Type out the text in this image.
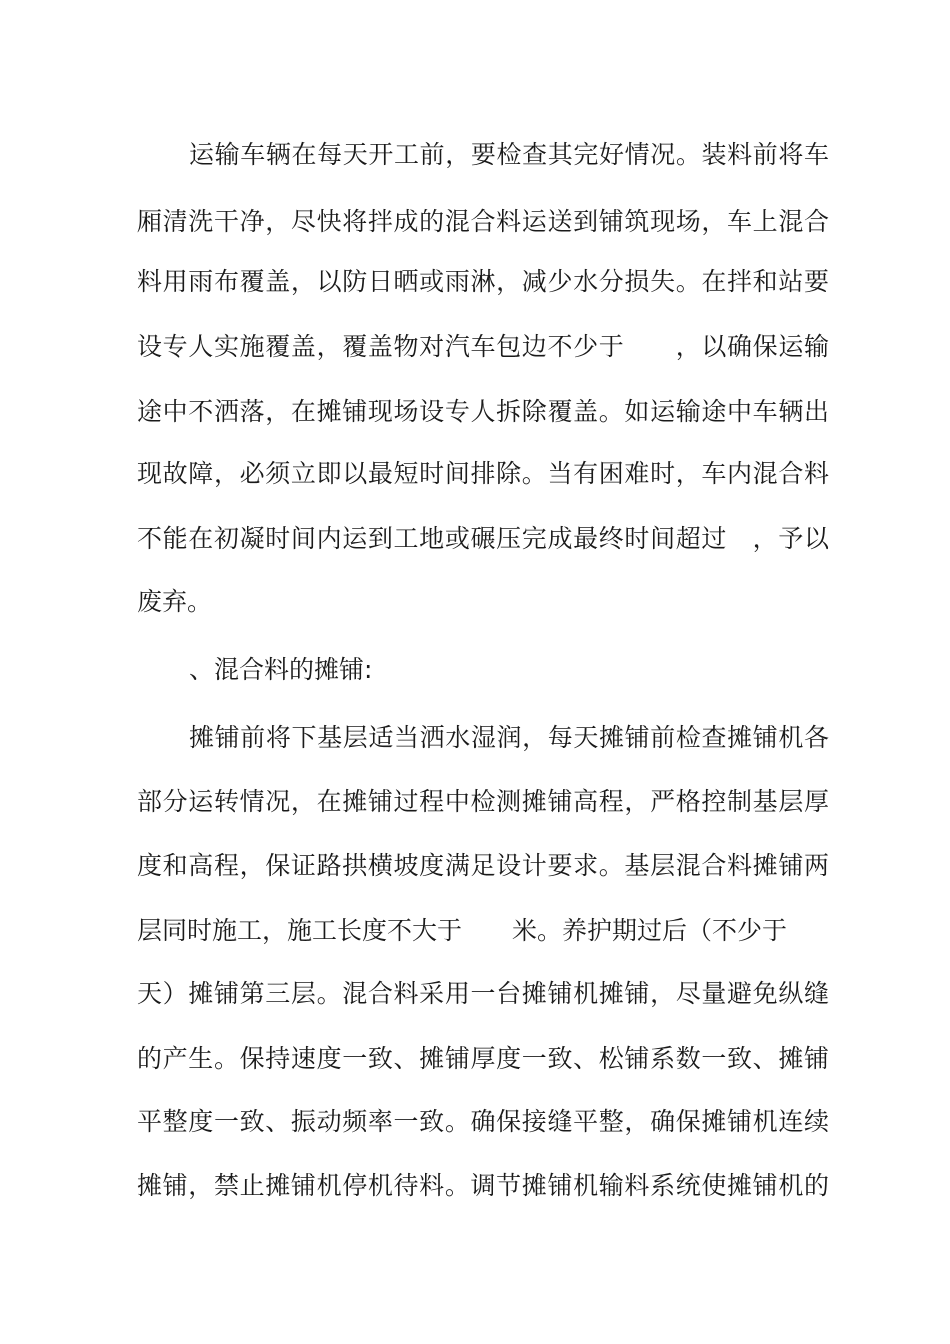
运输车辆在每天开工前，要检查其完好情况。装料前将车
厢清洗干净，尽快将拌成的混合料运送到铺筑现场，车上混合
料用雨布覆盖，以防日晒或雨淋，减少水分损失。在拌和站要
设专人实施覆盖，覆盖物对汽车包边不少于　　，以确保运输
途中不洒落，在摊铺现场设专人拆除覆盖。如运输途中车辆出
现故障，必须立即以最短时间排除。当有困难时，车内混合料
不能在初凝时间内运到工地或碾压完成最终时间超过　，予以
废弃。
、混合料的摊铺:
摊铺前将下基层适当洒水湿润，每天摊铺前检查摊铺机各
部分运转情况，在摊铺过程中检测摊铺高程，严格控制基层厚
度和高程，保证路拱横坡度满足设计要求。基层混合料摊铺两
层同时施工，施工长度不大于　　米。养护期过后（不少于
天）摊铺第三层。混合料采用一台摊铺机摊铺，尽量避免纵缝
的产生。保持速度一致、摊铺厚度一致、松铺系数一致、摊铺
平整度一致、振动频率一致。确保接缝平整，确保摊铺机连续
摊铺，禁止摊铺机停机待料。调节摊铺机输料系统使摊铺机的
